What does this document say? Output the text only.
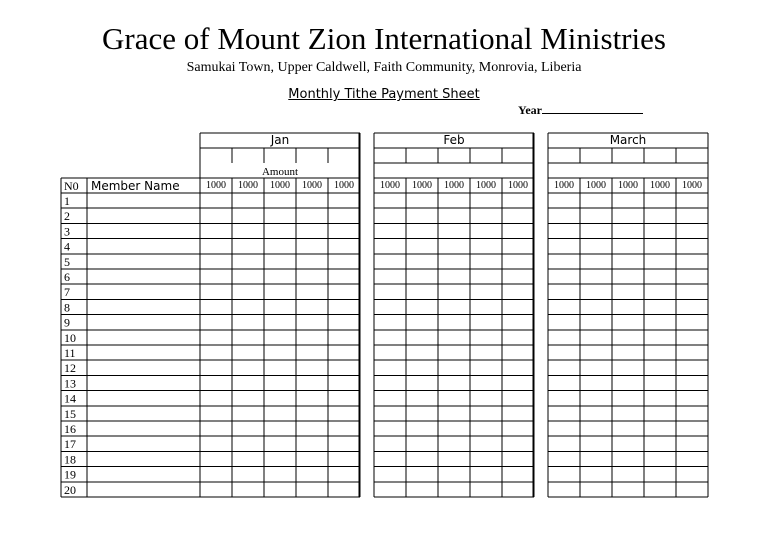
Grace of Mount Zion International Ministries
Samukai Town, Upper Caldwell, Faith Community, Monrovia, Liberia
Monthly Tithe Payment Sheet
Year
Jan	Feb	March
Amount
N0 Member Name	1000 1000 1000 1000 1000	1000 1000 1000 1000 1000	1000 1000 1000 1000 1000
1
2
3
4
5
6
7
8
9
10
11
12
13
14
15
16
17
18
19
20
